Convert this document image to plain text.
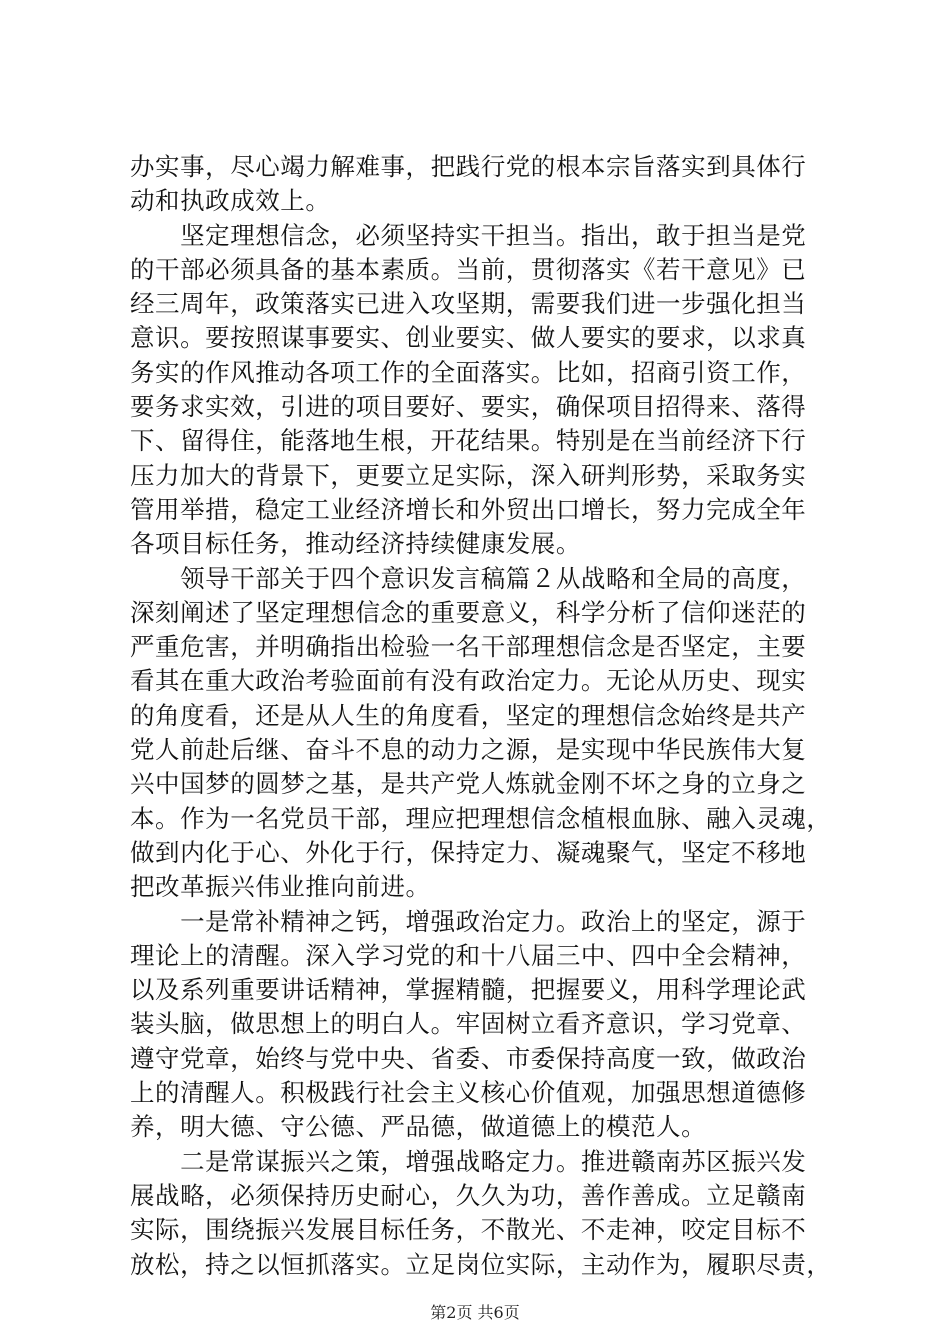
办实事，尽心竭力解难事，把践行党的根本宗旨落实到具体行
动和执政成效上。
　　坚定理想信念，必须坚持实干担当。指出，敢于担当是党
的干部必须具备的基本素质。当前，贯彻落实《若干意见》已
经三周年，政策落实已进入攻坚期，需要我们进一步强化担当
意识。要按照谋事要实、创业要实、做人要实的要求，以求真
务实的作风推动各项工作的全面落实。比如，招商引资工作，
要务求实效，引进的项目要好、要实，确保项目招得来、落得
下、留得住，能落地生根，开花结果。特别是在当前经济下行
压力加大的背景下，更要立足实际，深入研判形势，采取务实
管用举措，稳定工业经济增长和外贸出口增长，努力完成全年
各项目标任务，推动经济持续健康发展。
　　领导干部关于四个意识发言稿篇２从战略和全局的高度，
深刻阐述了坚定理想信念的重要意义，科学分析了信仰迷茫的
严重危害，并明确指出检验一名干部理想信念是否坚定，主要
看其在重大政治考验面前有没有政治定力。无论从历史、现实
的角度看，还是从人生的角度看，坚定的理想信念始终是共产
党人前赴后继、奋斗不息的动力之源，是实现中华民族伟大复
兴中国梦的圆梦之基，是共产党人炼就金刚不坏之身的立身之
本。作为一名党员干部，理应把理想信念植根血脉、融入灵魂，
做到内化于心、外化于行，保持定力、凝魂聚气，坚定不移地
把改革振兴伟业推向前进。
　　一是常补精神之钙，增强政治定力。政治上的坚定，源于
理论上的清醒。深入学习党的和十八届三中、四中全会精神，
以及系列重要讲话精神，掌握精髓，把握要义，用科学理论武
装头脑，做思想上的明白人。牢固树立看齐意识，学习党章、
遵守党章，始终与党中央、省委、市委保持高度一致，做政治
上的清醒人。积极践行社会主义核心价值观，加强思想道德修
养，明大德、守公德、严品德，做道德上的模范人。
　　二是常谋振兴之策，增强战略定力。推进赣南苏区振兴发
展战略，必须保持历史耐心，久久为功，善作善成。立足赣南
实际，围绕振兴发展目标任务，不散光、不走神，咬定目标不
放松，持之以恒抓落实。立足岗位实际，主动作为，履职尽责，
第2页 共6页
